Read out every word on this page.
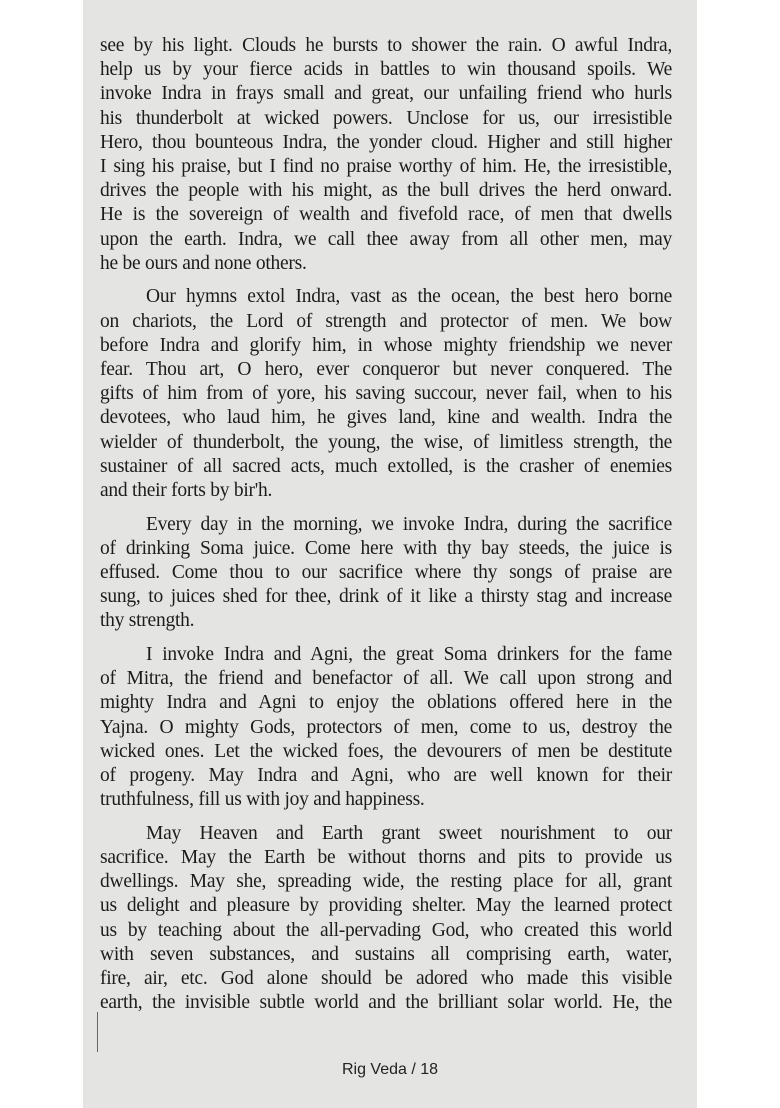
see by his light. Clouds he bursts to shower the rain. O awful Indra,
help us by your fierce acids in battles to win thousand spoils. We
invoke Indra in frays small and great, our unfailing friend who hurls
his thunderbolt at wicked powers. Unclose for us, our irresistible
Hero, thou bounteous Indra, the yonder cloud. Higher and still higher
I sing his praise, but I find no praise worthy of him. He, the irresistible,
drives the people with his might, as the bull drives the herd onward.
He is the sovereign of wealth and fivefold race, of men that dwells
upon the earth. Indra, we call thee away from all other men, may
he be ours and none others.
Our hymns extol Indra, vast as the ocean, the best hero borne
on chariots, the Lord of strength and protector of men. We bow
before Indra and glorify him, in whose mighty friendship we never
fear. Thou art, O hero, ever conqueror but never conquered. The
gifts of him from of yore, his saving succour, never fail, when to his
devotees, who laud him, he gives land, kine and wealth. Indra the
wielder of thunderbolt, the young, the wise, of limitless strength, the
sustainer of all sacred acts, much extolled, is the crasher of enemies
and their forts by bir'h.
Every day in the morning, we invoke Indra, during the sacrifice
of drinking Soma juice. Come here with thy bay steeds, the juice is
effused. Come thou to our sacrifice where thy songs of praise are
sung, to juices shed for thee, drink of it like a thirsty stag and increase
thy strength.
I invoke Indra and Agni, the great Soma drinkers for the fame
of Mitra, the friend and benefactor of all. We call upon strong and
mighty Indra and Agni to enjoy the oblations offered here in the
Yajna. O mighty Gods, protectors of men, come to us, destroy the
wicked ones. Let the wicked foes, the devourers of men be destitute
of progeny. May Indra and Agni, who are well known for their
truthfulness, fill us with joy and happiness.
May Heaven and Earth grant sweet nourishment to our
sacrifice. May the Earth be without thorns and pits to provide us
dwellings. May she, spreading wide, the resting place for all, grant
us delight and pleasure by providing shelter. May the learned protect
us by teaching about the all-pervading God, who created this world
with seven substances, and sustains all comprising earth, water,
fire, air, etc. God alone should be adored who made this visible
earth, the invisible subtle world and the brilliant solar world. He, the
Rig Veda / 18
